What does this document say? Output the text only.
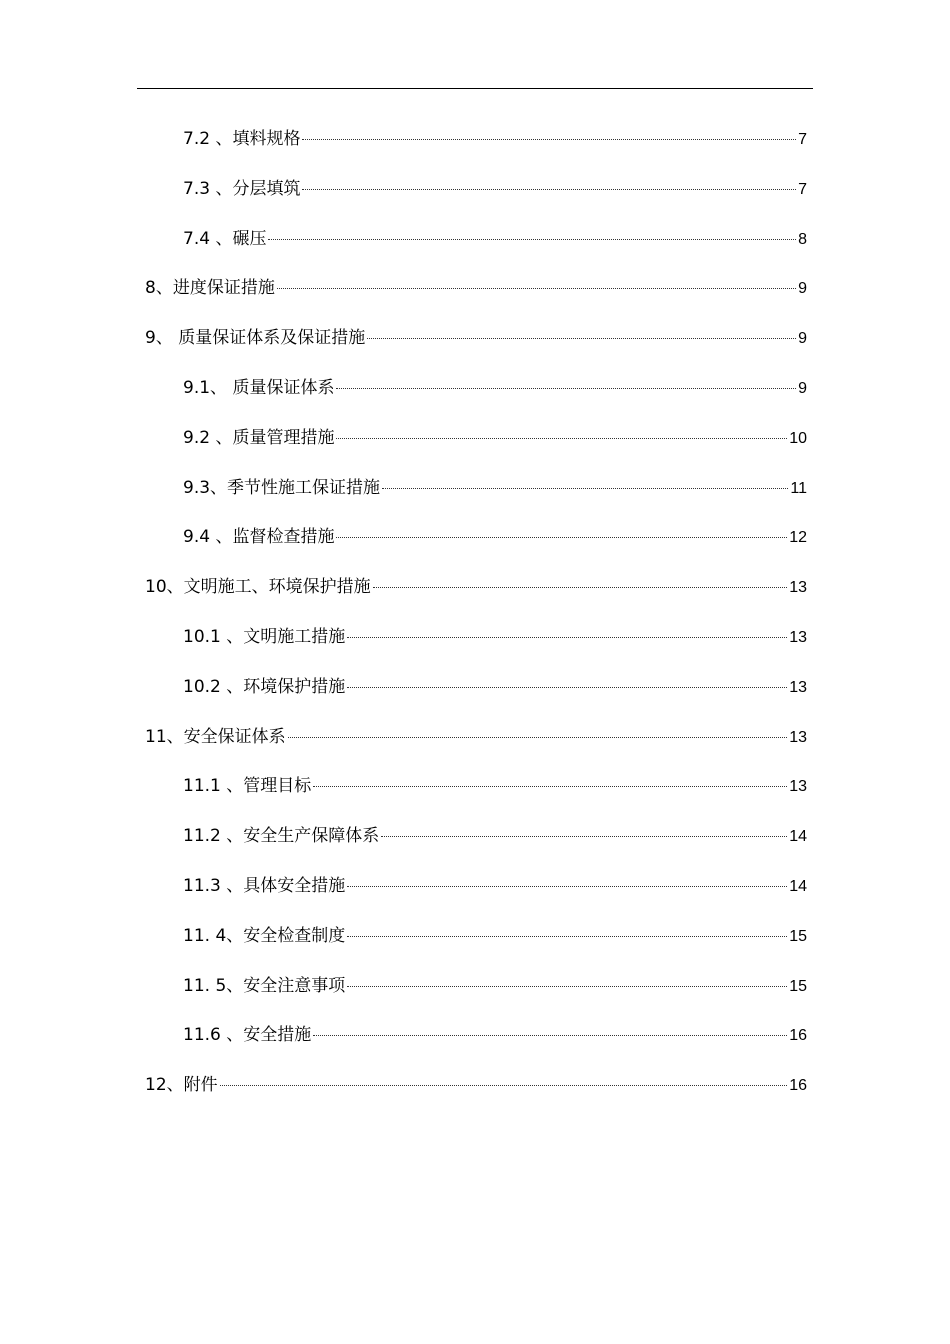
7.2 、填料规格	7
7.3 、分层填筑	7
7.4 、碾压	8
8、进度保证措施	9
9、 质量保证体系及保证措施	9
9.1、 质量保证体系	9
9.2 、质量管理措施	10
9.3、季节性施工保证措施	11
9.4 、监督检查措施	12
10、文明施工、环境保护措施	13
10.1 、文明施工措施	13
10.2 、环境保护措施	13
11、安全保证体系	13
11.1 、管理目标	13
11.2 、安全生产保障体系	14
11.3 、具体安全措施	14
11. 4、安全检查制度	15
11. 5、安全注意事项	15
11.6 、安全措施	16
12、附件	16
